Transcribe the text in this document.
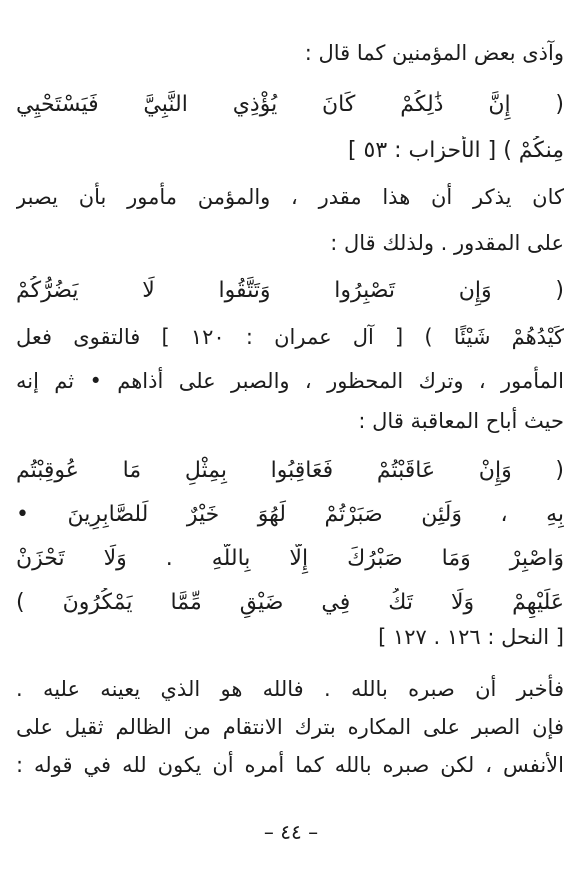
وآذى بعض المؤمنين كما قال :
( إِنَّ ذَٰلِكُمْ كَانَ يُؤْذِي النَّبِيَّ فَيَسْتَحْيِي
مِنكُمْ ) [ الأحزاب : ٥٣ ]
كان يذكر أن هذا مقدر ، والمؤمن مأمور بأن يصبر
على المقدور . ولذلك قال :
( وَإِن تَصْبِرُوا وَتَتَّقُوا لَا يَضُرُّكُمْ
كَيْدُهُمْ شَيْئًا ) [ آل عمران : ١٢٠ ] فالتقوى فعل
المأمور ، وترك المحظور ، والصبر على أذاهم • ثم إنه
حيث أباح المعاقبة قال :
( وَإِنْ عَاقَبْتُمْ فَعَاقِبُوا بِمِثْلِ مَا عُوقِبْتُم
بِهِ ، وَلَئِن صَبَرْتُمْ لَهُوَ خَيْرٌ لِّلصَّابِرِينَ •
وَاصْبِرْ وَمَا صَبْرُكَ إِلَّا بِاللَّهِ . وَلَا تَحْزَنْ
عَلَيْهِمْ وَلَا تَكُ فِي ضَيْقٍ مِّمَّا يَمْكُرُونَ )
[ النحل : ١٢٦ . ١٢٧ ]
فأخبر أن صبره بالله . فالله هو الذي يعينه عليه .
فإن الصبر على المكاره بترك الانتقام من الظالم ثقيل على
الأنفس ، لكن صبره بالله كما أمره أن يكون لله في قوله :
– ٤٤ –
